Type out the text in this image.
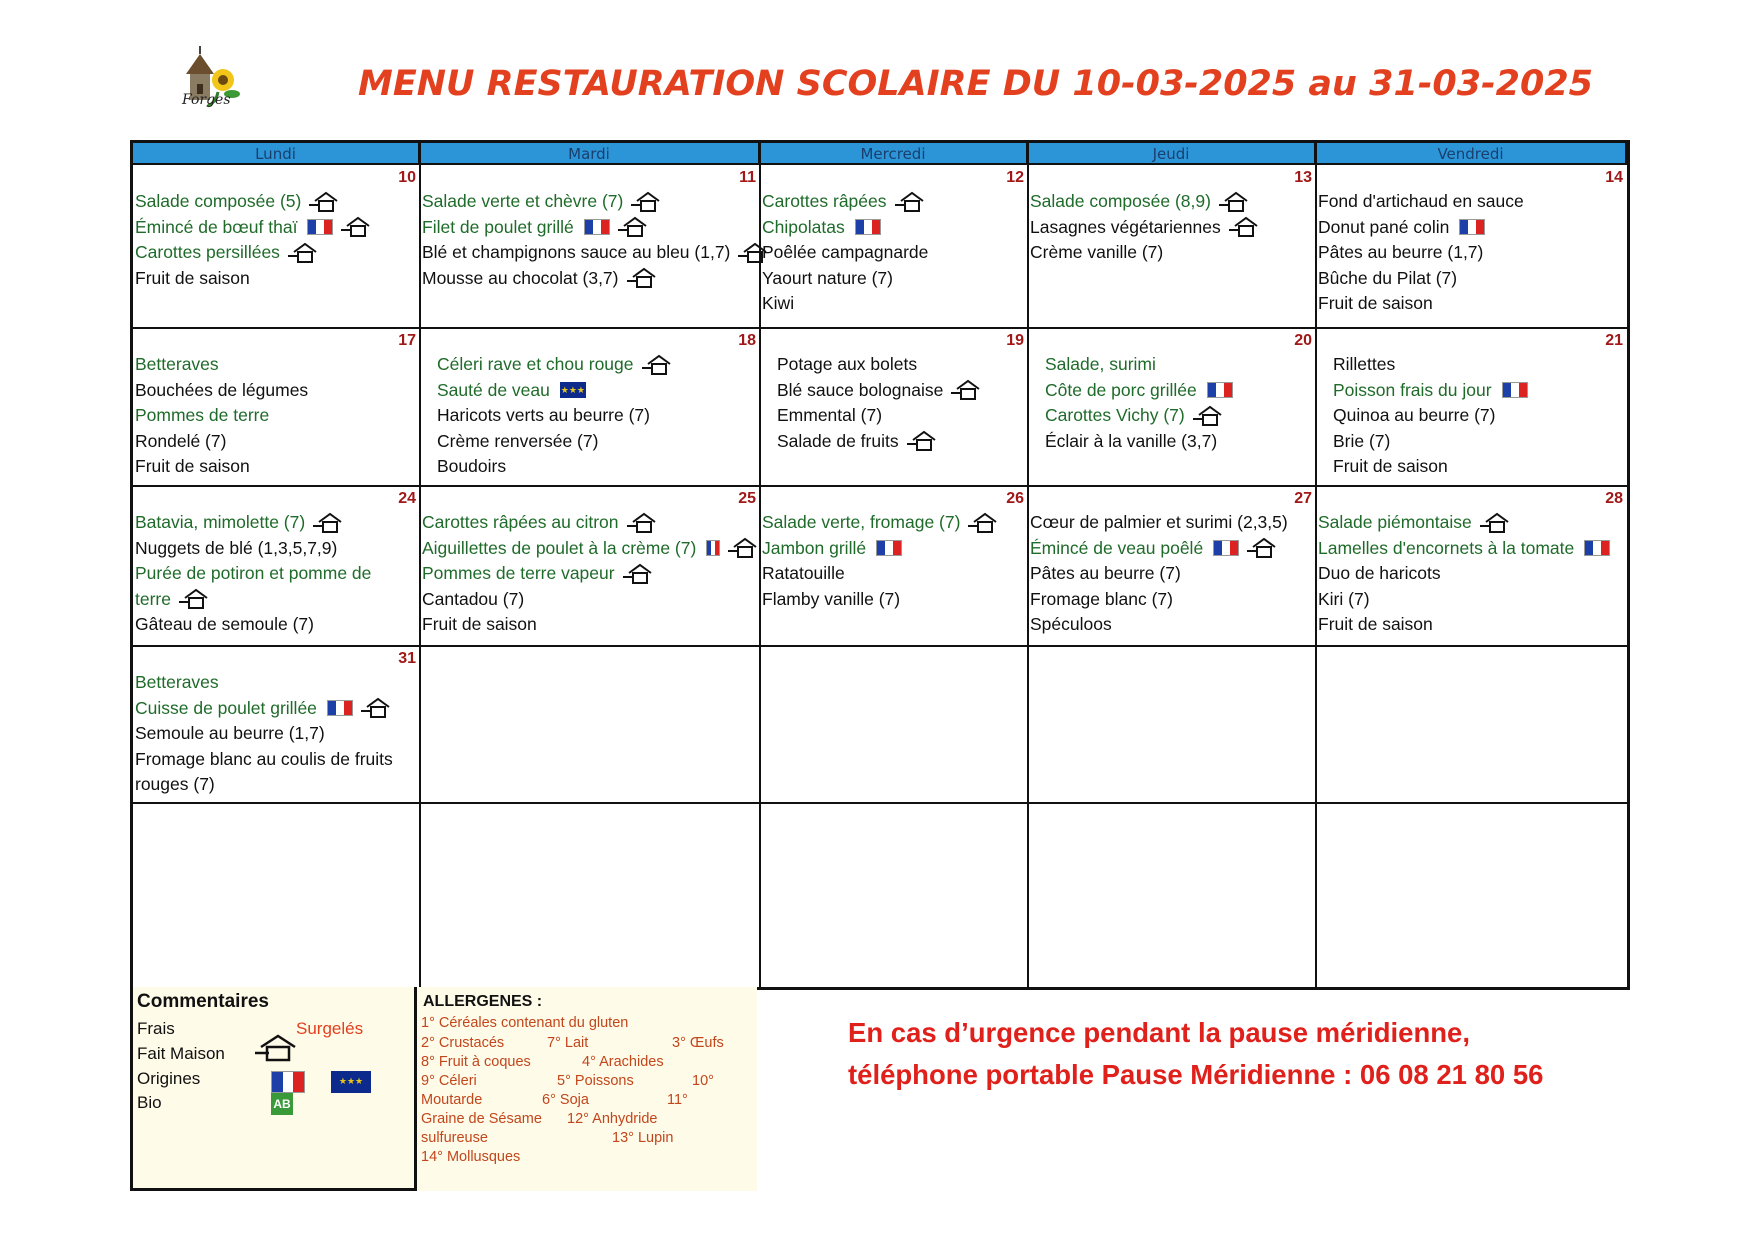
Forges	MENU RESTAURATION SCOLAIRE DU 10-03-2025 au 31-03-2025
Lundi	Mardi	Mercredi	Jeudi	Vendredi
10
Salade composée (5)
Émincé de bœuf thaï
Carottes persillées
Fruit de saison
11
Salade verte et chèvre (7)
Filet de poulet grillé
Blé et champignons sauce au bleu (1,7)
Mousse au chocolat (3,7)
12
Carottes râpées
Chipolatas
Poêlée campagnarde
Yaourt nature (7)
Kiwi
13
Salade composée (8,9)
Lasagnes végétariennes
Crème vanille (7)
14
Fond d'artichaud en sauce
Donut pané colin
Pâtes au beurre (1,7)
Bûche du Pilat (7)
Fruit de saison
17
Betteraves
Bouchées de légumes
Pommes de terre
Rondelé (7)
Fruit de saison
18
Céleri rave et chou rouge
Sauté de veau ★★★
Haricots verts au beurre (7)
Crème renversée (7)
Boudoirs
19
Potage aux bolets
Blé sauce bolognaise
Emmental (7)
Salade de fruits
20
Salade, surimi
Côte de porc grillée
Carottes Vichy (7)
Éclair à la vanille (3,7)
21
Rillettes
Poisson frais du jour
Quinoa au beurre (7)
Brie (7)
Fruit de saison
24
Batavia, mimolette (7)
Nuggets de blé (1,3,5,7,9)
Purée de potiron et pomme de
terre
Gâteau de semoule (7)
25
Carottes râpées au citron
Aiguillettes de poulet à la crème (7)
Pommes de terre vapeur
Cantadou (7)
Fruit de saison
26
Salade verte, fromage (7)
Jambon grillé
Ratatouille
Flamby vanille (7)
27
Cœur de palmier et surimi (2,3,5)
Émincé de veau poêlé
Pâtes au beurre (7)
Fromage blanc (7)
Spéculoos
28
Salade piémontaise
Lamelles d'encornets à la tomate
Duo de haricots
Kiri (7)
Fruit de saison
31
Betteraves
Cuisse de poulet grillée
Semoule au beurre (1,7)
Fromage blanc au coulis de fruits
rouges (7)
Commentaires
Frais	Surgelés
Fait Maison
Origines	★★★
Bio	AB
ALLERGENES :
1° Céréales contenant du gluten
2° Crustacés	7° Lait	3° Œufs
8° Fruit à coques	4° Arachides
9° Céleri	5° Poissons	10°
Moutarde	6° Soja	11°
Graine de Sésame 12° Anhydride
sulfureuse	13° Lupin
14° Mollusques
En cas d’urgence pendant la pause méridienne,
téléphone portable Pause Méridienne : 06 08 21 80 56
